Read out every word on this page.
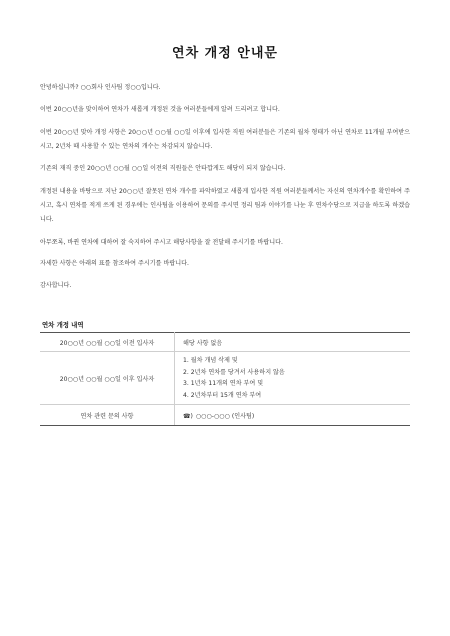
연차 개정 안내문
안녕하십니까? ○○회사 인사팀 정○○입니다.
이번 20○○년을 맞이하여 연차가 새롭게 개정된 것을 여러분들에게 알려 드리려고 합니다.
이번 20○○년 맞아 개정 사항은 20○○년 ○○월 ○○일 이후에 입사한 직원 여러분들은 기존의 월차 형태가 아닌 연차로 11개월 부여받으시고, 2년차 때 사용할 수 있는 연차의 개수는 차감되지 않습니다.
기존의 재직 중인 20○○년 ○○월 ○○일 이전의 직원들은 안타깝게도 해당이 되지 않습니다.
개정된 내용을 바탕으로 지난 20○○년 잘못된 연차 개수를 파악하였고 새롭게 입사한 직원 여러분들께서는 자신의 연차개수를 확인하여 주시고, 혹시 연차를 적게 쓰게 된 경우에는 인사팀을 이용하여 문의를 주시면 정리 팀과 이야기를 나눈 후 연차수당으로 지급을 하도록 하겠습니다.
아무쪼록, 바뀐 연차에 대하여 잘 숙지하여 주시고 해당사항을 잘 전달해 주시기를 바랍니다.
자세한 사항은 아래의 표를 참조하여 주시기를 바랍니다.
감사합니다.
연차 개정 내역
20○○년 ○○월 ○○일 이전 입사자	해당 사항 없음
20○○년 ○○월 ○○일 이후 입사자	1. 월차 개념 삭제 및
2. 2년차 연차를 당겨서 사용하지 않음
3. 1년차 11개의 연차 부여 및
4. 2년차부터 15개 연차 부여

연차 관련 문의 사항	☎) ○○○-○○○ (인사팀)
